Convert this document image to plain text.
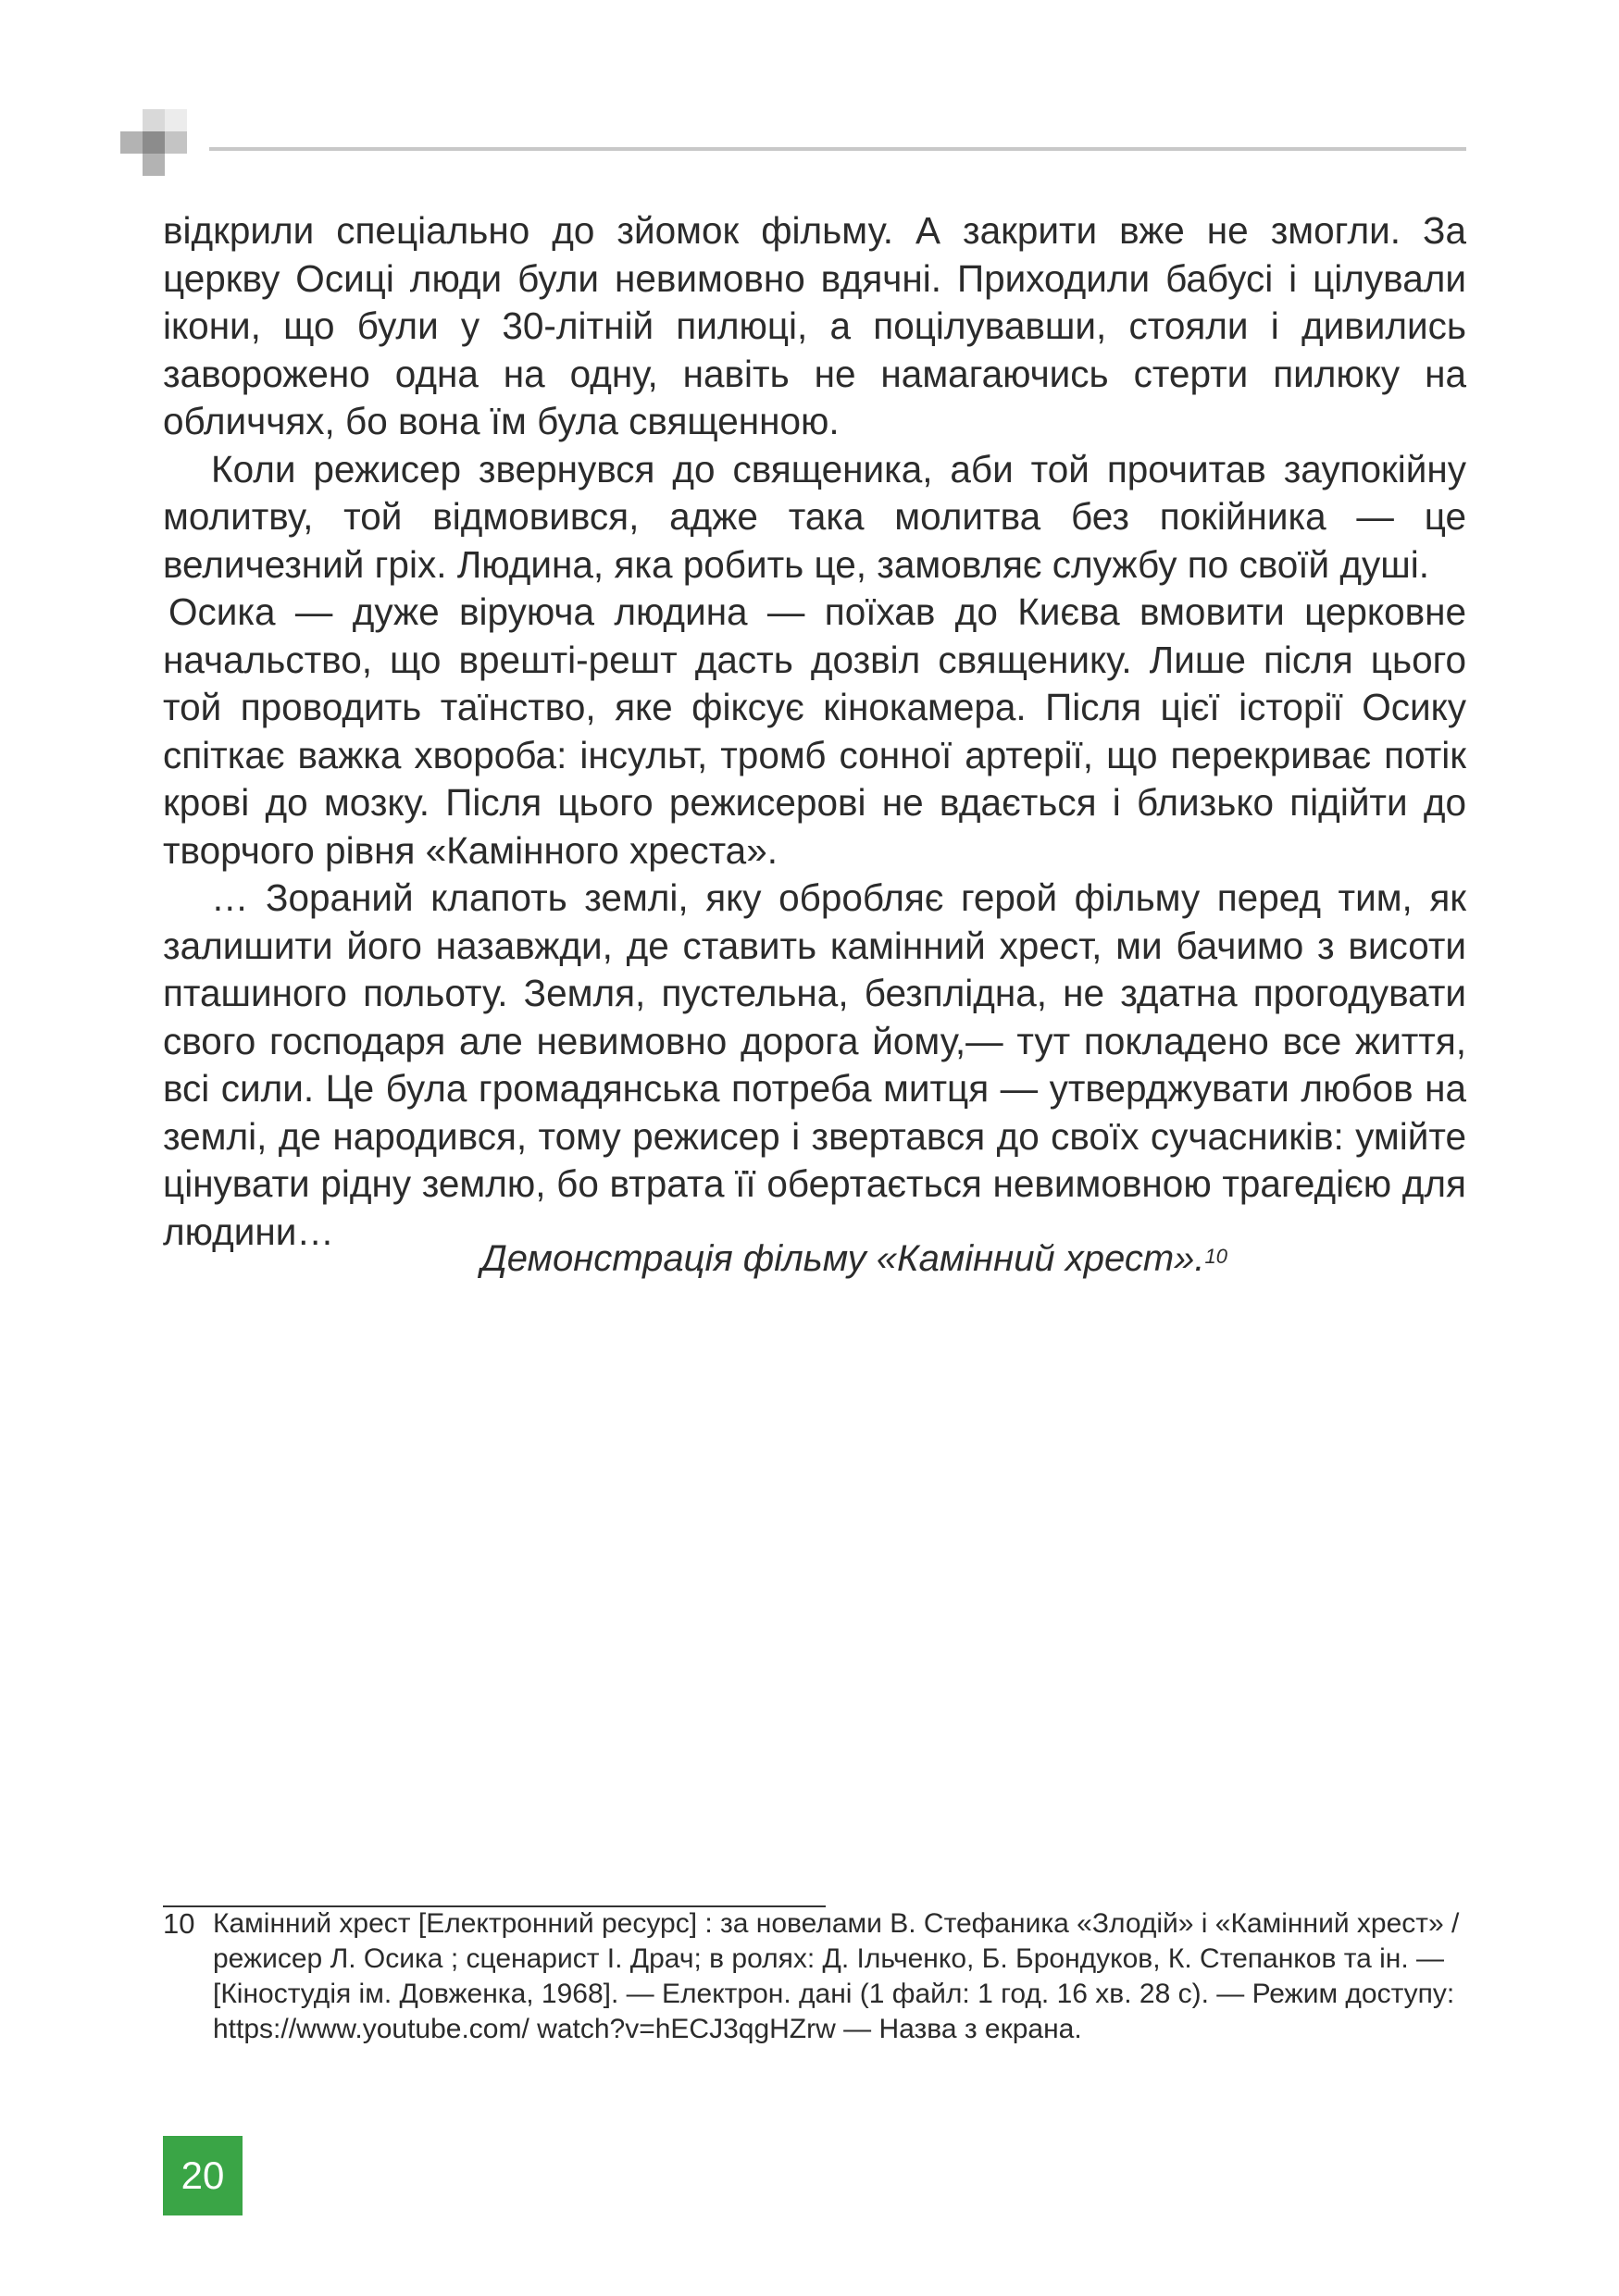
відкрили спеціально до зйомок фільму. А закрити вже не змогли. За церкву Осиці люди були невимовно вдячні. Приходили бабусі і цілували ікони, що були у 30-літній пилюці, а поцілувавши, стояли і дивились заворожено одна на одну, навіть не намагаючись стерти пилюку на обличчях, бо вона їм була священною.

Коли режисер звернувся до священика, аби той прочитав заупокійну молитву, той відмовився, адже така молитва без покійника — це величезний гріх. Людина, яка робить це, замовляє службу по своїй душі.

Осика — дуже віруюча людина — поїхав до Києва вмовити церковне начальство, що врешті-решт дасть дозвіл священику. Лише після цього той проводить таїнство, яке фіксує кінокамера. Після цієї історії Осику спіткає важка хвороба: інсульт, тромб сонної артерії, що перекриває потік крові до мозку. Після цього режисерові не вдається і близько підійти до творчого рівня «Камінного хреста».

… Зораний клапоть землі, яку обробляє герой фільму перед тим, як залишити його назавжди, де ставить камінний хрест, ми бачимо з висоти пташиного польоту. Земля, пустельна, безплідна, не здатна прогодувати свого господаря але невимовно дорога йому,— тут покладено все життя, всі сили. Це була громадянська потреба митця — утверджувати любов на землі, де народився, тому режисер і звертався до своїх сучасників: умійте цінувати рідну землю, бо втрата її обертається невимовною трагедією для людини…

Демонстрація фільму «Камінний хрест».$^{10}$
10 Камінний хрест [Електронний ресурс] : за новелами В. Стефаника «Злодій» і «Камінний хрест» / режисер Л. Осика ; сценарист І. Драч; в ролях: Д. Ільченко, Б. Брондуков, К. Степанков та ін. — [Кіностудія ім. Довженка, 1968]. — Електрон. дані (1 файл: 1 год. 16 хв. 28 с). — Режим доступу: https://www.youtube.com/ watch?v=hECJ3qgHZrw — Назва з екрана.
20
